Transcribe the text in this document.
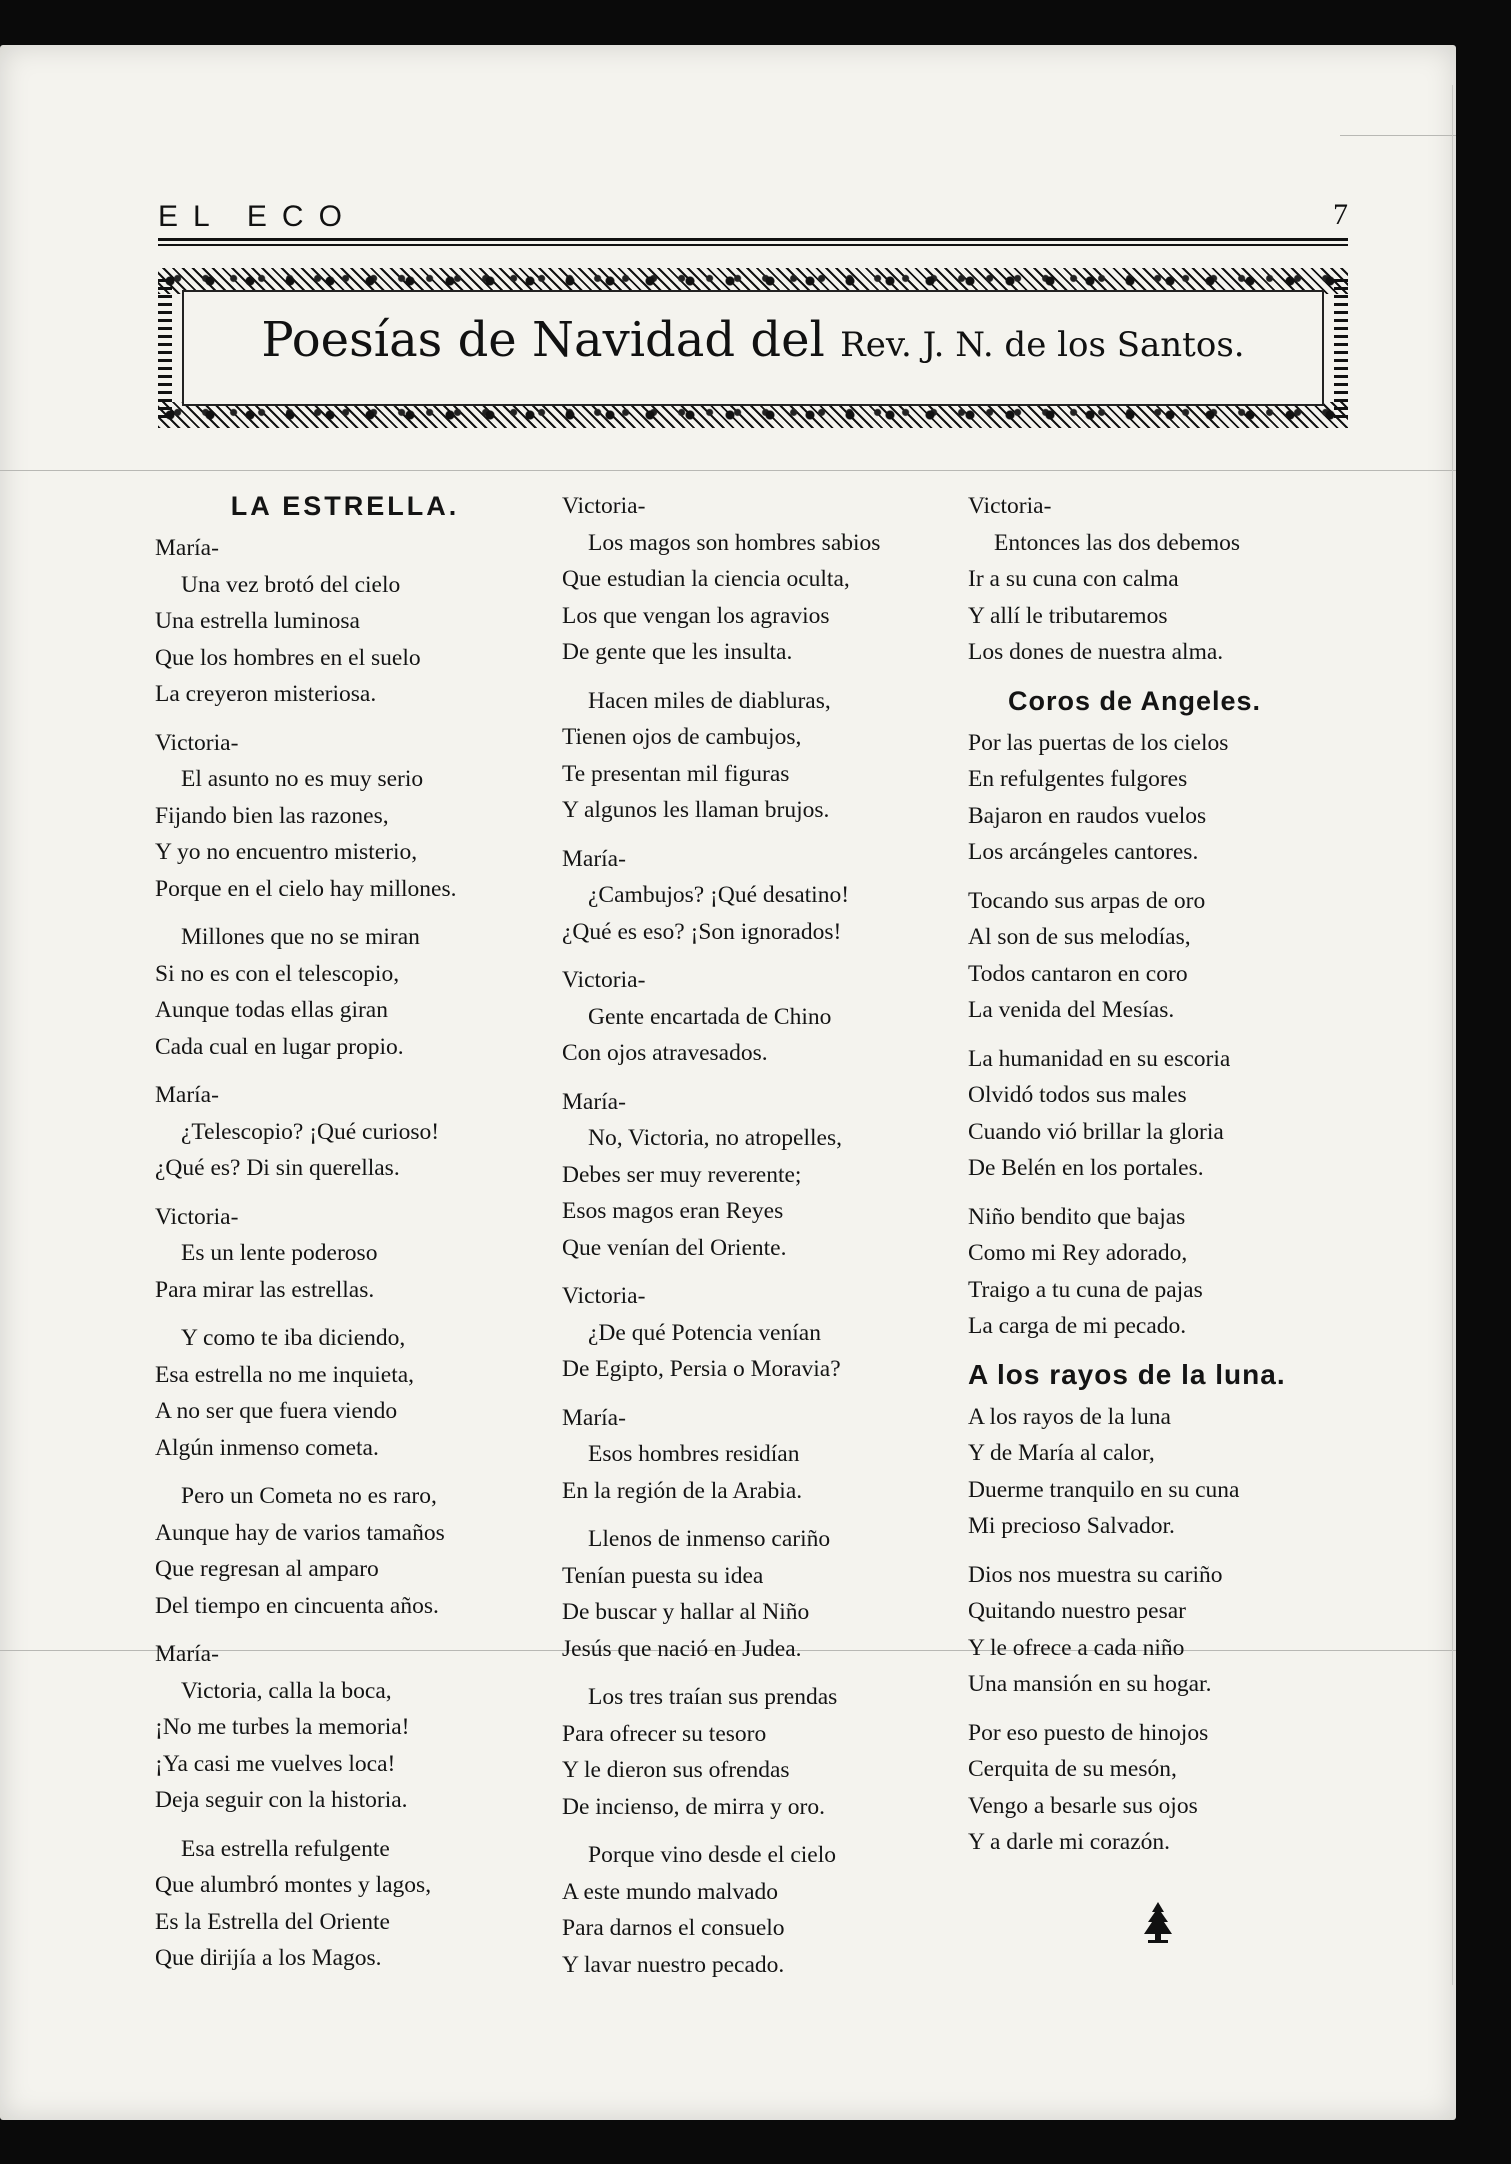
EL ECO	7
Poesías de Navidad del Rev. J. N. de los Santos.
LA ESTRELLA.
María-
Una vez brotó del cielo
Una estrella luminosa
Que los hombres en el suelo
La creyeron misteriosa.
Victoria-
El asunto no es muy serio
Fijando bien las razones,
Y yo no encuentro misterio,
Porque en el cielo hay millones.
Millones que no se miran
Si no es con el telescopio,
Aunque todas ellas giran
Cada cual en lugar propio.
María-
¿Telescopio? ¡Qué curioso!
¿Qué es? Di sin querellas.
Victoria-
Es un lente poderoso
Para mirar las estrellas.
Y como te iba diciendo,
Esa estrella no me inquieta,
A no ser que fuera viendo
Algún inmenso cometa.
Pero un Cometa no es raro,
Aunque hay de varios tamaños
Que regresan al amparo
Del tiempo en cincuenta años.
María-
Victoria, calla la boca,
¡No me turbes la memoria!
¡Ya casi me vuelves loca!
Deja seguir con la historia.
Esa estrella refulgente
Que alumbró montes y lagos,
Es la Estrella del Oriente
Que dirijía a los Magos.
Victoria-
Los magos son hombres sabios
Que estudian la ciencia oculta,
Los que vengan los agravios
De gente que les insulta.
Hacen miles de diabluras,
Tienen ojos de cambujos,
Te presentan mil figuras
Y algunos les llaman brujos.
María-
¿Cambujos? ¡Qué desatino!
¿Qué es eso? ¡Son ignorados!
Victoria-
Gente encartada de Chino
Con ojos atravesados.
María-
No, Victoria, no atropelles,
Debes ser muy reverente;
Esos magos eran Reyes
Que venían del Oriente.
Victoria-
¿De qué Potencia venían
De Egipto, Persia o Moravia?
María-
Esos hombres residían
En la región de la Arabia.
Llenos de inmenso cariño
Tenían puesta su idea
De buscar y hallar al Niño
Jesús que nació en Judea.
Los tres traían sus prendas
Para ofrecer su tesoro
Y le dieron sus ofrendas
De incienso, de mirra y oro.
Porque vino desde el cielo
A este mundo malvado
Para darnos el consuelo
Y lavar nuestro pecado.
Victoria-
Entonces las dos debemos
Ir a su cuna con calma
Y allí le tributaremos
Los dones de nuestra alma.
Coros de Angeles.
Por las puertas de los cielos
En refulgentes fulgores
Bajaron en raudos vuelos
Los arcángeles cantores.
Tocando sus arpas de oro
Al son de sus melodías,
Todos cantaron en coro
La venida del Mesías.
La humanidad en su escoria
Olvidó todos sus males
Cuando vió brillar la gloria
De Belén en los portales.
Niño bendito que bajas
Como mi Rey adorado,
Traigo a tu cuna de pajas
La carga de mi pecado.
A los rayos de la luna.
A los rayos de la luna
Y de María al calor,
Duerme tranquilo en su cuna
Mi precioso Salvador.
Dios nos muestra su cariño
Quitando nuestro pesar
Y le ofrece a cada niño
Una mansión en su hogar.
Por eso puesto de hinojos
Cerquita de su mesón,
Vengo a besarle sus ojos
Y a darle mi corazón.
